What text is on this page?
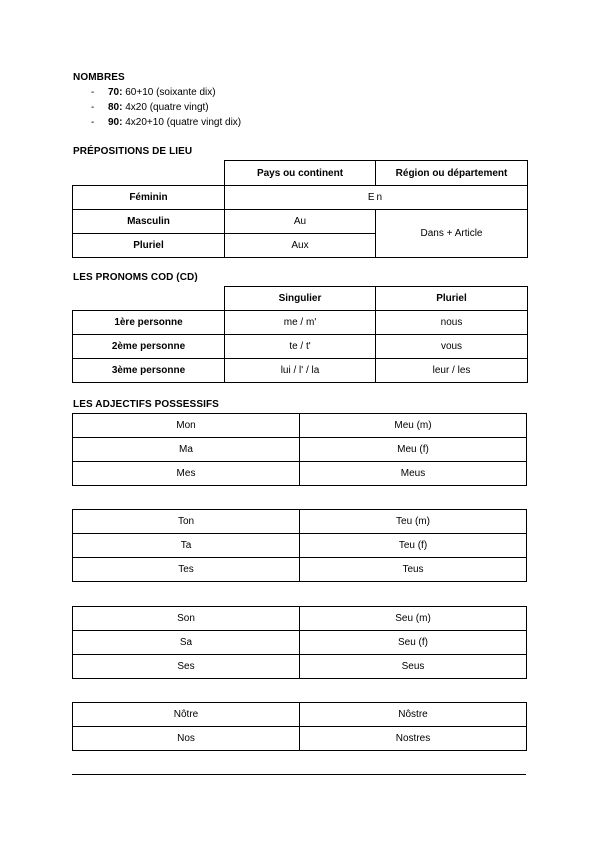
NOMBRES
- 70: 60+10 (soixante dix)
- 80: 4x20 (quatre vingt)
- 90: 4x20+10 (quatre vingt dix)
PRÉPOSITIONS DE LIEU
	Pays ou continent	Région ou département
Féminin	En	
Masculin	Au	Dans + Article
Pluriel	Aux	
LES PRONOMS COD (CD)
	Singulier	Pluriel
1ère personne	me / m'	nous
2ème personne	te / t'	vous
3ème personne	lui / l' / la	leur / les
LES ADJECTIFS POSSESSIFS
Mon	Meu (m)
Ma	Meu (f)
Mes	Meus
Ton	Teu (m)
Ta	Teu (f)
Tes	Teus
Son	Seu (m)
Sa	Seu (f)
Ses	Seus
Nôtre	Nôstre
Nos	Nostres
